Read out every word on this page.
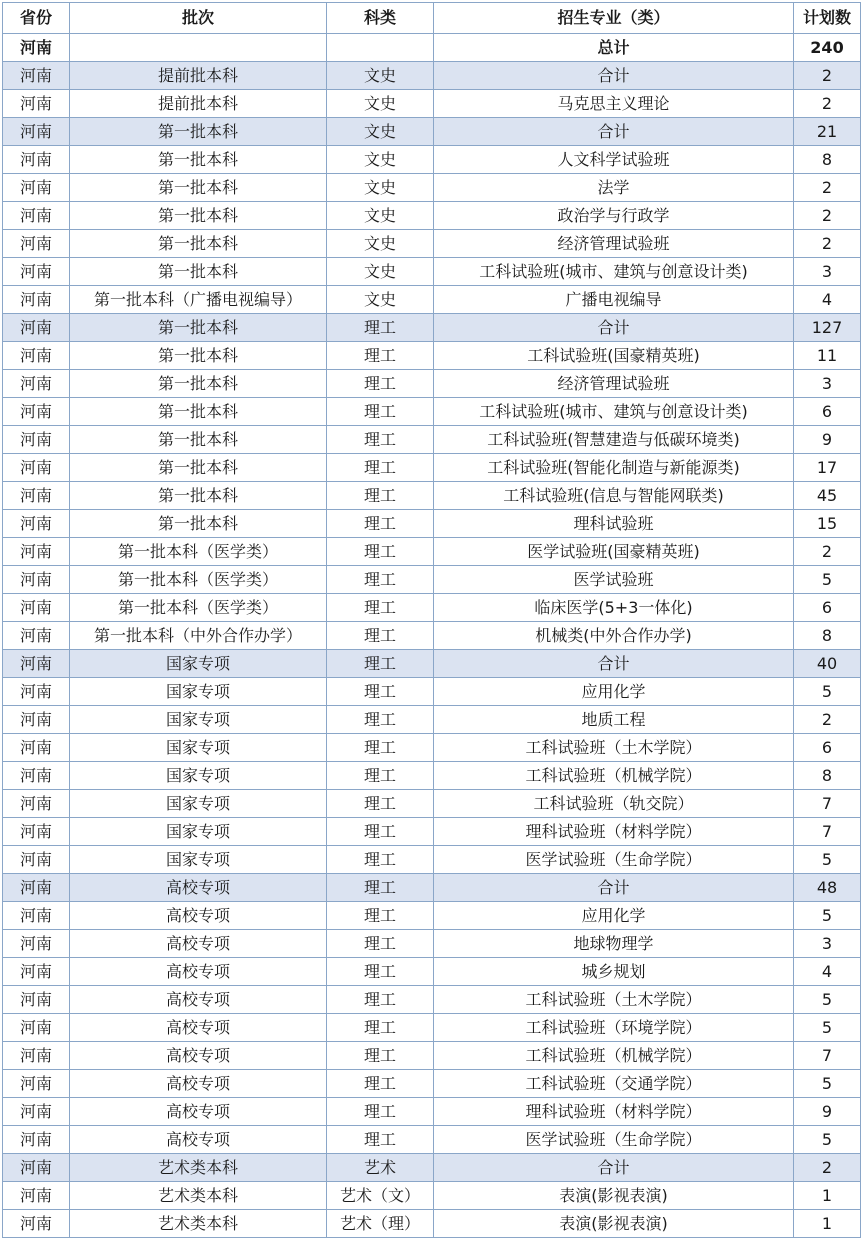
省份	批次	科类	招生专业（类）	计划数
河南			总计	240
河南	提前批本科	文史	合计	2
河南	提前批本科	文史	马克思主义理论	2
河南	第一批本科	文史	合计	21
河南	第一批本科	文史	人文科学试验班	8
河南	第一批本科	文史	法学	2
河南	第一批本科	文史	政治学与行政学	2
河南	第一批本科	文史	经济管理试验班	2
河南	第一批本科	文史	工科试验班(城市、建筑与创意设计类)	3
河南	第一批本科（广播电视编导）	文史	广播电视编导	4
河南	第一批本科	理工	合计	127
河南	第一批本科	理工	工科试验班(国豪精英班)	11
河南	第一批本科	理工	经济管理试验班	3
河南	第一批本科	理工	工科试验班(城市、建筑与创意设计类)	6
河南	第一批本科	理工	工科试验班(智慧建造与低碳环境类)	9
河南	第一批本科	理工	工科试验班(智能化制造与新能源类)	17
河南	第一批本科	理工	工科试验班(信息与智能网联类)	45
河南	第一批本科	理工	理科试验班	15
河南	第一批本科（医学类）	理工	医学试验班(国豪精英班)	2
河南	第一批本科（医学类）	理工	医学试验班	5
河南	第一批本科（医学类）	理工	临床医学(5+3一体化)	6
河南	第一批本科（中外合作办学）	理工	机械类(中外合作办学)	8
河南	国家专项	理工	合计	40
河南	国家专项	理工	应用化学	5
河南	国家专项	理工	地质工程	2
河南	国家专项	理工	工科试验班（土木学院）	6
河南	国家专项	理工	工科试验班（机械学院）	8
河南	国家专项	理工	工科试验班（轨交院）	7
河南	国家专项	理工	理科试验班（材料学院）	7
河南	国家专项	理工	医学试验班（生命学院）	5
河南	高校专项	理工	合计	48
河南	高校专项	理工	应用化学	5
河南	高校专项	理工	地球物理学	3
河南	高校专项	理工	城乡规划	4
河南	高校专项	理工	工科试验班（土木学院）	5
河南	高校专项	理工	工科试验班（环境学院）	5
河南	高校专项	理工	工科试验班（机械学院）	7
河南	高校专项	理工	工科试验班（交通学院）	5
河南	高校专项	理工	理科试验班（材料学院）	9
河南	高校专项	理工	医学试验班（生命学院）	5
河南	艺术类本科	艺术	合计	2
河南	艺术类本科	艺术（文）	表演(影视表演)	1
河南	艺术类本科	艺术（理）	表演(影视表演)	1
